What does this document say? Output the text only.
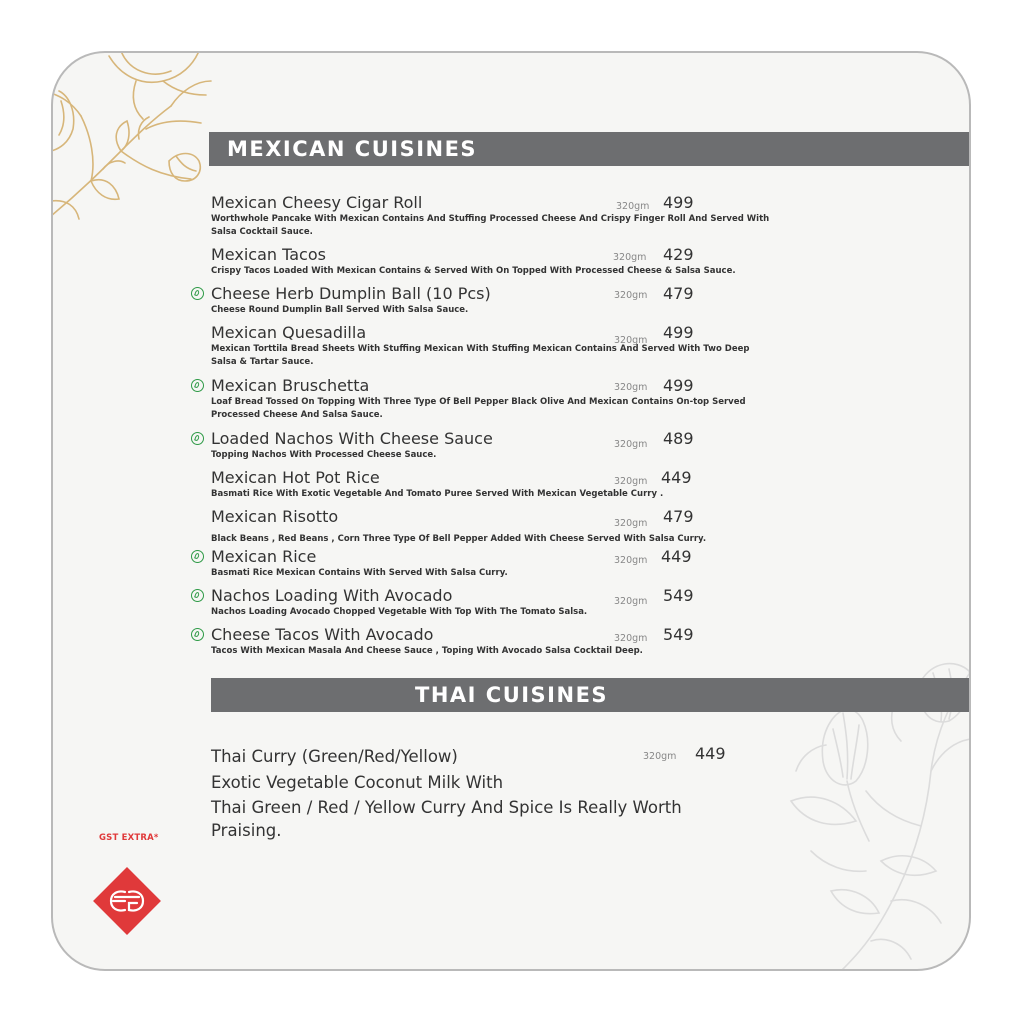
MEXICAN CUISINES
Mexican Cheesy Cigar Roll
Worthwhole Pancake With Mexican Contains And Stuffing Processed Cheese And Crispy Finger Roll And Served With Salsa Cocktail Sauce.
320gm 499
Mexican Tacos
Crispy Tacos Loaded With Mexican Contains & Served With On Topped With Processed Cheese & Salsa Sauce.
320gm 429
Cheese Herb Dumplin Ball (10 Pcs)
Cheese Round Dumplin Ball Served With Salsa Sauce.
320gm 479
Mexican Quesadilla
Mexican Torttila Bread Sheets With Stuffing Mexican With Stuffing Mexican Contains And Served With Two Deep Salsa & Tartar Sauce.
320gm 499
Mexican Bruschetta
Loaf Bread Tossed On Topping With Three Type Of Bell Pepper Black Olive And Mexican Contains On-top Served Processed Cheese And Salsa Sauce.
320gm 499
Loaded Nachos With Cheese Sauce
Topping Nachos With Processed Cheese Sauce.
320gm 489
Mexican Hot Pot Rice
Basmati Rice With Exotic Vegetable And Tomato Puree Served With Mexican Vegetable Curry .
320gm 449
Mexican Risotto
Black Beans , Red Beans , Corn Three Type Of Bell Pepper Added With Cheese Served With Salsa Curry.
320gm 479
Mexican Rice
Basmati Rice Mexican Contains With Served With Salsa Curry.
320gm 449
Nachos Loading With Avocado
Nachos Loading Avocado Chopped Vegetable With Top With The Tomato Salsa.
320gm 549
Cheese Tacos With Avocado
Tacos With Mexican Masala And Cheese Sauce , Toping With Avocado Salsa Cocktail Deep.
320gm 549
THAI CUISINES
Thai Curry (Green/Red/Yellow)
Exotic Vegetable Coconut Milk With
Thai Green / Red / Yellow Curry And Spice Is Really Worth
Praising.
320gm 449
GST EXTRA*
